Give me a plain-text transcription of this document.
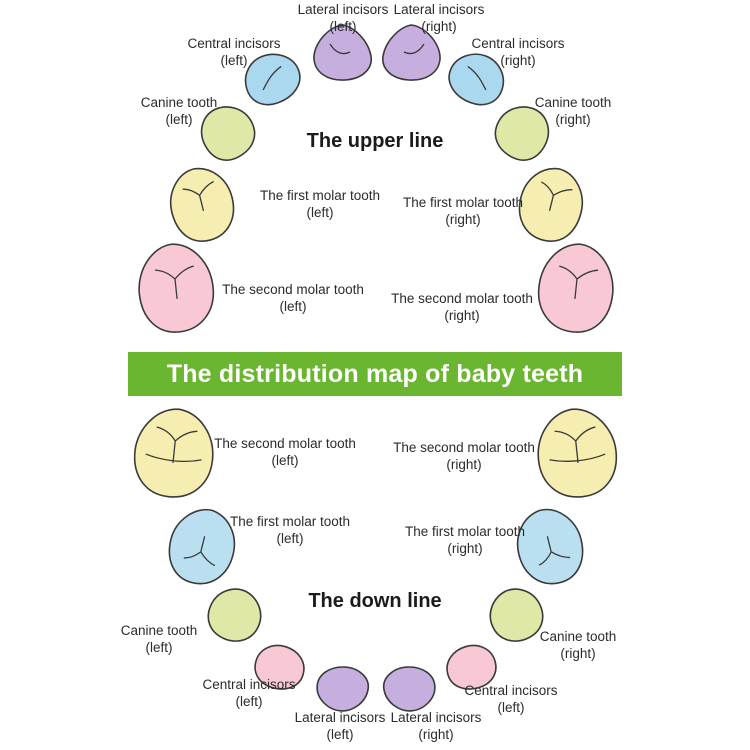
Lateral incisors
(left)
Lateral incisors
(right)
Central incisors
(left)
Central incisors
(right)
Canine tooth
(left)
Canine tooth
(right)
The first molar tooth
(left)
The first molar tooth
(right)
The second molar tooth
(left)
The second molar tooth
(right)
The second molar tooth
(left)
The second molar tooth
(right)
The first molar tooth
(left)	The first molar tooth
(right)
Canine tooth
(left)
Canine tooth
(right)
Central incisors
(left)
Central incisors
(left)
Lateral incisors
(left)
Lateral incisors
(right)
The upper line
The down line
The distribution map of baby teeth
